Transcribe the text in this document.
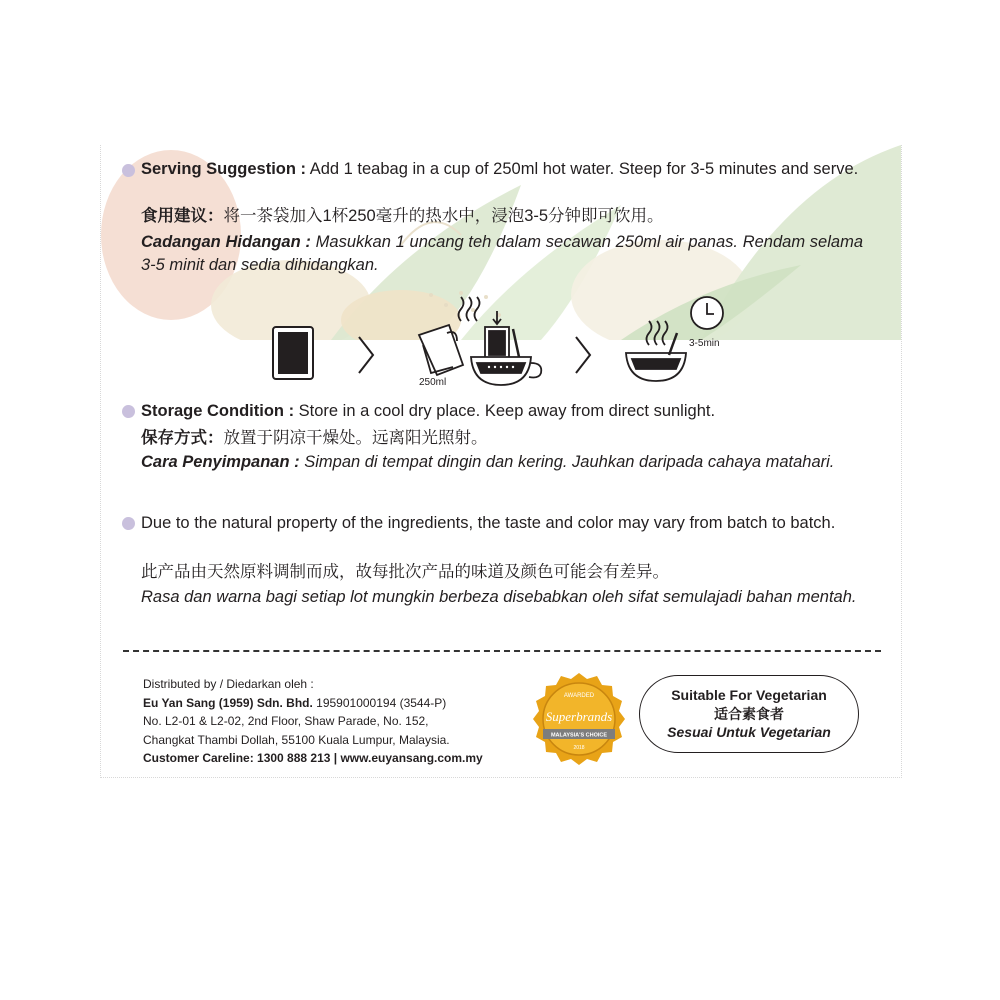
Serving Suggestion : Add 1 teabag in a cup of 250ml hot water. Steep for 3-5 minutes and serve.
食用建议：将一茶袋加入1杯250毫升的热水中，浸泡3-5分钟即可饮用。
Cadangan Hidangan : Masukkan 1 uncang teh dalam secawan 250ml air panas. Rendam selama 3-5 minit dan sedia dihidangkan.
250ml
3-5min
Storage Condition : Store in a cool dry place. Keep away from direct sunlight.
保存方式：放置于阴凉干燥处。远离阳光照射。
Cara Penyimpanan : Simpan di tempat dingin dan kering. Jauhkan daripada cahaya matahari.
Due to the natural property of the ingredients, the taste and color may vary from batch to batch.
此产品由天然原料调制而成，故每批次产品的味道及颜色可能会有差异。
Rasa dan warna bagi setiap lot mungkin berbeza disebabkan oleh sifat semulajadi bahan mentah.
Distributed by / Diedarkan oleh :
Eu Yan Sang (1959) Sdn. Bhd. 195901000194 (3544-P)
No. L2-01 & L2-02, 2nd Floor, Shaw Parade, No. 152,
Changkat Thambi Dollah, 55100 Kuala Lumpur, Malaysia.
Customer Careline: 1300 888 213 | www.euyansang.com.my
AWARDED
Superbrands
MALAYSIA'S CHOICE
2018
Suitable For Vegetarian
适合素食者
Sesuai Untuk Vegetarian
